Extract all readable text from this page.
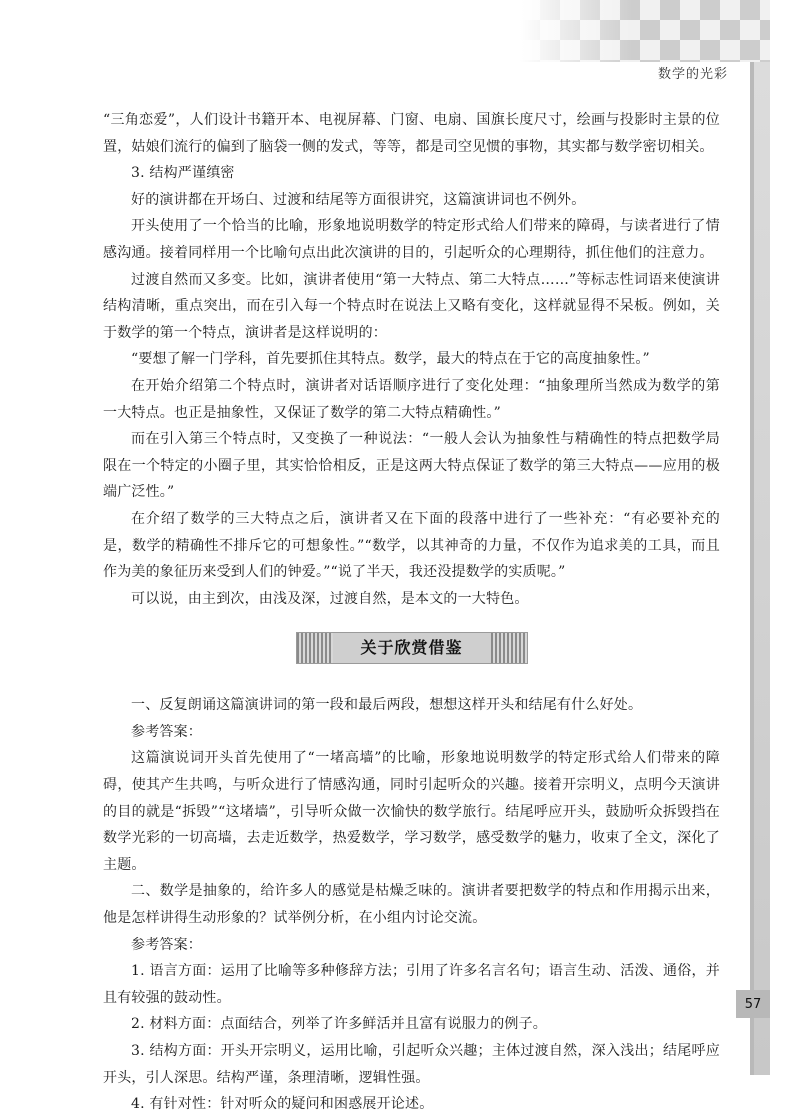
数学的光彩

“三角恋爱”，人们设计书籍开本、电视屏幕、门窗、电扇、国旗长度尺寸，绘画与投影时主景的位置，姑娘们流行的偏到了脑袋一侧的发式，等等，都是司空见惯的事物，其实都与数学密切相关。

3. 结构严谨缜密

好的演讲都在开场白、过渡和结尾等方面很讲究，这篇演讲词也不例外。

开头使用了一个恰当的比喻，形象地说明数学的特定形式给人们带来的障碍，与读者进行了情感沟通。接着同样用一个比喻句点出此次演讲的目的，引起听众的心理期待，抓住他们的注意力。

过渡自然而又多变。比如，演讲者使用“第一大特点、第二大特点……”等标志性词语来使演讲结构清晰，重点突出，而在引入每一个特点时在说法上又略有变化，这样就显得不呆板。例如，关于数学的第一个特点，演讲者是这样说明的：

“要想了解一门学科，首先要抓住其特点。数学，最大的特点在于它的高度抽象性。”

在开始介绍第二个特点时，演讲者对话语顺序进行了变化处理：“抽象理所当然成为数学的第一大特点。也正是抽象性，又保证了数学的第二大特点精确性。”

而在引入第三个特点时，又变换了一种说法：“一般人会认为抽象性与精确性的特点把数学局限在一个特定的小圈子里，其实恰恰相反，正是这两大特点保证了数学的第三大特点——应用的极端广泛性。”

在介绍了数学的三大特点之后，演讲者又在下面的段落中进行了一些补充：“有必要补充的是，数学的精确性不排斥它的可想象性。”“数学，以其神奇的力量，不仅作为追求美的工具，而且作为美的象征历来受到人们的钟爱。”“说了半天，我还没提数学的实质呢。”

可以说，由主到次，由浅及深，过渡自然，是本文的一大特色。

关于欣赏借鉴

一、反复朗诵这篇演讲词的第一段和最后两段，想想这样开头和结尾有什么好处。

参考答案：

这篇演说词开头首先使用了“一堵高墙”的比喻，形象地说明数学的特定形式给人们带来的障碍，使其产生共鸣，与听众进行了情感沟通，同时引起听众的兴趣。接着开宗明义，点明今天演讲的目的就是“拆毁”“这堵墙”，引导听众做一次愉快的数学旅行。结尾呼应开头，鼓励听众拆毁挡在数学光彩的一切高墙，去走近数学，热爱数学，学习数学，感受数学的魅力，收束了全文，深化了主题。

二、数学是抽象的，给许多人的感觉是枯燥乏味的。演讲者要把数学的特点和作用揭示出来，他是怎样讲得生动形象的？试举例分析，在小组内讨论交流。

参考答案：

1. 语言方面：运用了比喻等多种修辞方法；引用了许多名言名句；语言生动、活泼、通俗，并且有较强的鼓动性。

2. 材料方面：点面结合，列举了许多鲜活并且富有说服力的例子。

3. 结构方面：开头开宗明义，运用比喻，引起听众兴趣；主体过渡自然，深入浅出；结尾呼应开头，引人深思。结构严谨，条理清晰，逻辑性强。

4. 有针对性：针对听众的疑问和困惑展开论述。

57
